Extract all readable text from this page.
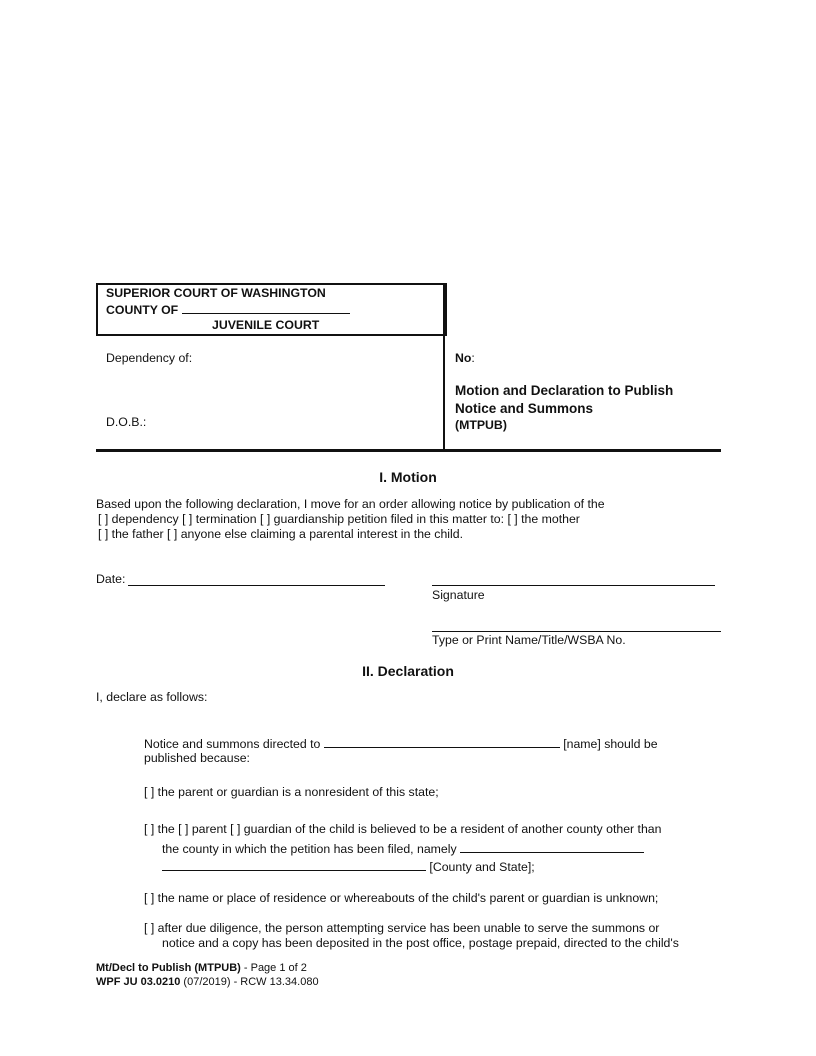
SUPERIOR COURT OF WASHINGTON
COUNTY OF
JUVENILE COURT
Dependency of:
D.O.B.:
No:
Motion and Declaration to Publish
Notice and Summons
(MTPUB)
I. Motion
Based upon the following declaration, I move for an order allowing notice by publication of the
[ ] dependency [ ] termination [ ] guardianship petition filed in this matter to: [ ] the mother
[ ] the father [ ] anyone else claiming a parental interest in the child.
Date:
Signature
Type or Print Name/Title/WSBA No.
II. Declaration
I, declare as follows:
Notice and summons directed to	[name] should be
published because:
[ ] the parent or guardian is a nonresident of this state;
[ ] the [ ] parent [ ] guardian of the child is believed to be a resident of another county other than
the county in which the petition has been filed, namely
[County and State];
[ ] the name or place of residence or whereabouts of the child's parent or guardian is unknown;
[ ] after due diligence, the person attempting service has been unable to serve the summons or
notice and a copy has been deposited in the post office, postage prepaid, directed to the child's
Mt/Decl to Publish (MTPUB) - Page 1 of 2
WPF JU 03.0210 (07/2019) - RCW 13.34.080
